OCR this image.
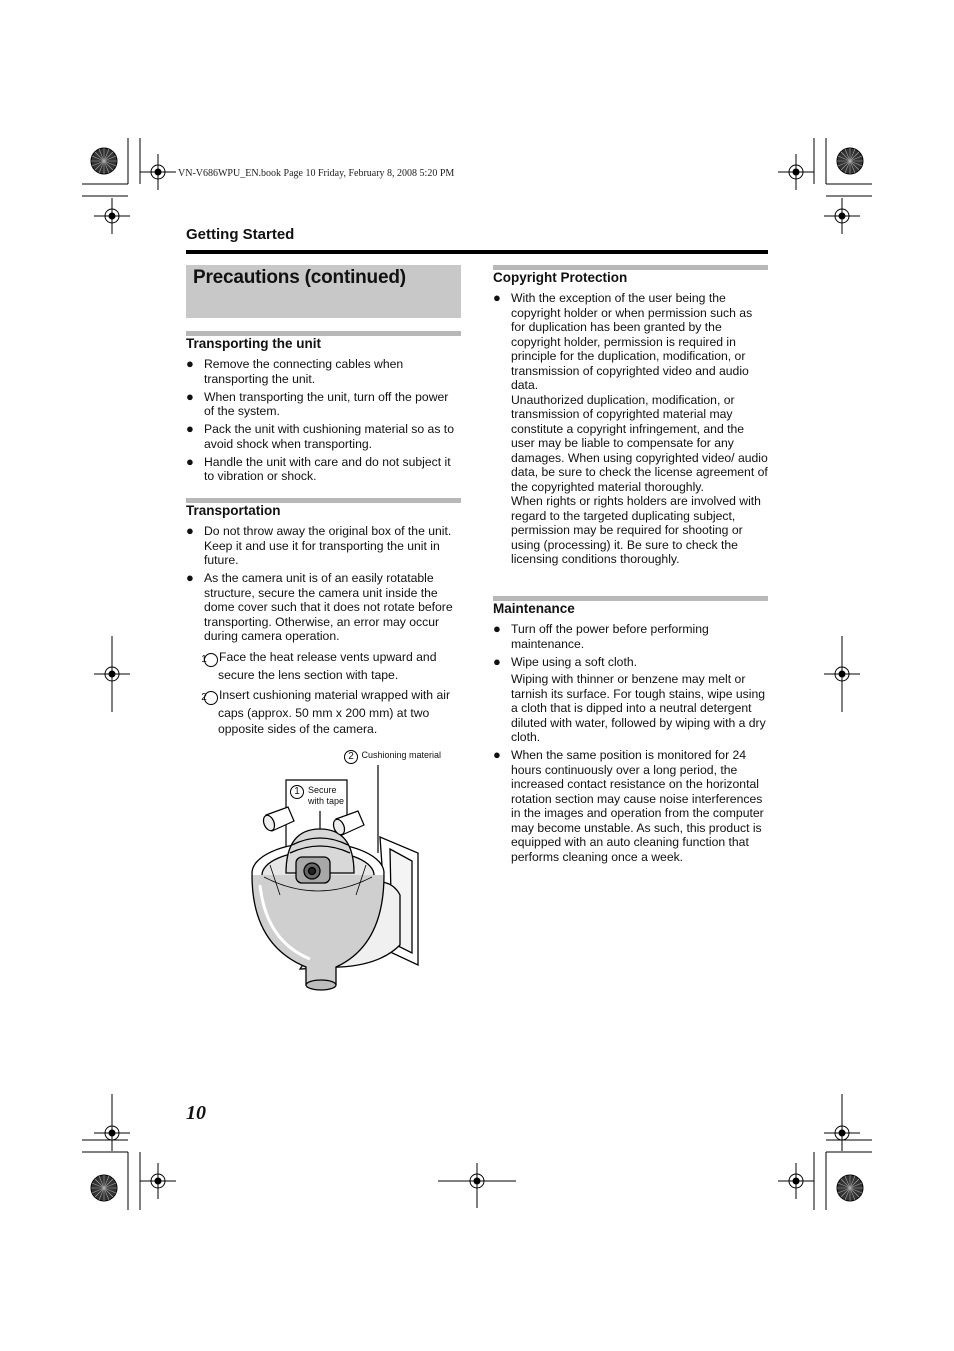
VN-V686WPU_EN.book Page 10 Friday, February 8, 2008 5:20 PM
Getting Started
Precautions (continued)
Transporting the unit
● Remove the connecting cables when transporting the unit.
● When transporting the unit, turn off the power of the system.
● Pack the unit with cushioning material so as to avoid shock when transporting.
● Handle the unit with care and do not subject it to vibration or shock.
Transportation
● Do not throw away the original box of the unit. Keep it and use it for transporting the unit in future.
● As the camera unit is of an easily rotatable structure, secure the camera unit inside the dome cover such that it does not rotate before transporting. Otherwise, an error may occur during camera operation.
1 Face the heat release vents upward and secure the lens section with tape.
2 Insert cushioning material wrapped with air caps (approx. 50 mm x 200 mm) at two opposite sides of the camera.
2 Cushioning material
1 Secure with tape
Copyright Protection
● With the exception of the user being the copyright holder or when permission such as for duplication has been granted by the copyright holder, permission is required in principle for the duplication, modification, or transmission of copyrighted video and audio data.
Unauthorized duplication, modification, or transmission of copyrighted material may constitute a copyright infringement, and the user may be liable to compensate for any damages. When using copyrighted video/ audio data, be sure to check the license agreement of the copyrighted material thoroughly.
When rights or rights holders are involved with regard to the targeted duplicating subject, permission may be required for shooting or using (processing) it. Be sure to check the licensing conditions thoroughly.
Maintenance
● Turn off the power before performing maintenance.
● Wipe using a soft cloth.
Wiping with thinner or benzene may melt or tarnish its surface. For tough stains, wipe using a cloth that is dipped into a neutral detergent diluted with water, followed by wiping with a dry cloth.
● When the same position is monitored for 24 hours continuously over a long period, the increased contact resistance on the horizontal rotation section may cause noise interferences in the images and operation from the computer may become unstable. As such, this product is equipped with an auto cleaning function that performs cleaning once a week.
10
